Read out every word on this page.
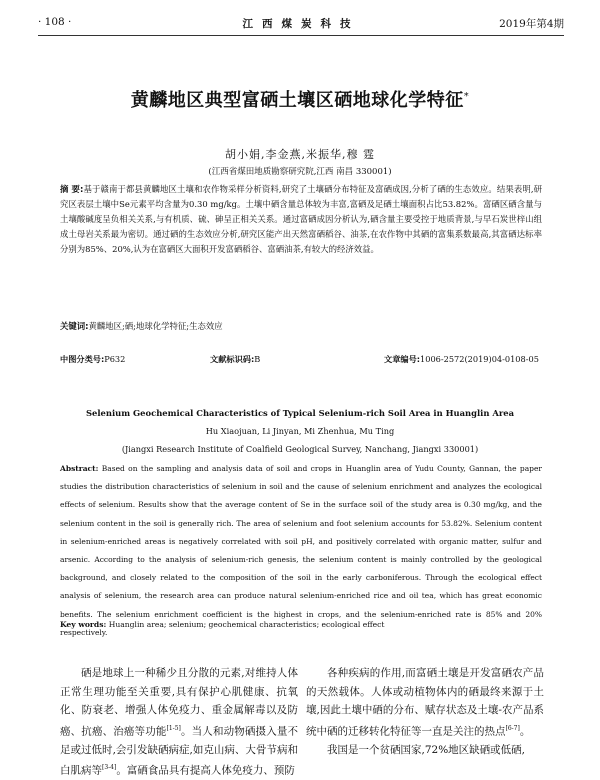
· 108 ·	江西煤炭科技	2019年第4期
黄麟地区典型富硒土壤区硒地球化学特征*
胡小娟,李金燕,米振华,穆 霆
(江西省煤田地质勘察研究院,江西 南昌 330001)
摘 要:基于赣南于都县黄麟地区土壤和农作物采样分析资料,研究了土壤硒分布特征及富硒成因,分析了硒的生态效应。结果表明,研究区表层土壤中Se元素平均含量为0.30 mg/kg。土壤中硒含量总体较为丰富,富硒及足硒土壤面积占比53.82%。富硒区硒含量与土壤酸碱度呈负相关关系,与有机质、硫、砷呈正相关关系。通过富硒成因分析认为,硒含量主要受控于地质背景,与早石炭世梓山组成土母岩关系最为密切。通过硒的生态效应分析,研究区能产出天然富硒稻谷、油茶,在农作物中其硒的富集系数最高,其富硒达标率分别为85%、20%,认为在富硒区大面积开发富硒稻谷、富硒油茶,有较大的经济效益。
关键词:黄麟地区;硒;地球化学特征;生态效应
中图分类号:P632	文献标识码:B	文章编号:1006-2572(2019)04-0108-05
Selenium Geochemical Characteristics of Typical Selenium-rich Soil Area in Huanglin Area
Hu Xiaojuan, Li Jinyan, Mi Zhenhua, Mu Ting
(Jiangxi Research Institute of Coalfield Geological Survey, Nanchang, Jiangxi 330001)
Abstract: Based on the sampling and analysis data of soil and crops in Huanglin area of Yudu County, Gannan, the paper studies the distribution characteristics of selenium in soil and the cause of selenium enrichment and analyzes the ecological effects of selenium. Results show that the average content of Se in the surface soil of the study area is 0.30 mg/kg, and the selenium content in the soil is generally rich. The area of selenium and foot selenium accounts for 53.82%. Selenium content in selenium-enriched areas is negatively correlated with soil pH, and positively correlated with organic matter, sulfur and arsenic. According to the analysis of selenium-rich genesis, the selenium content is mainly controlled by the geological background, and closely related to the composition of the soil in the early carboniferous. Through the ecological effect analysis of selenium, the research area can produce natural selenium-enriched rice and oil tea, which has great economic benefits. The selenium enrichment coefficient is the highest in crops, and the selenium-enriched rate is 85% and 20% respectively.
Key words: Huanglin area; selenium; geochemical characteristics; ecological effect
硒是地球上一种稀少且分散的元素,对维持人体正常生理功能至关重要,具有保护心肌健康、抗氧化、防衰老、增强人体免疫力、重金属解毒以及防癌、抗癌、治癌等功能[1-5]。当人和动物硒摄入量不足或过低时,会引发缺硒病症,如克山病、大骨节病和白肌病等[3-4]。富硒食品具有提高人体免疫力、预防
各种疾病的作用,而富硒土壤是开发富硒农产品的天然载体。人体或动植物体内的硒最终来源于土壤,因此土壤中硒的分布、赋存状态及土壤-农产品系统中硒的迁移转化特征等一直是关注的热点[6-7]。
我国是一个贫硒国家,72%地区缺硒或低硒,
